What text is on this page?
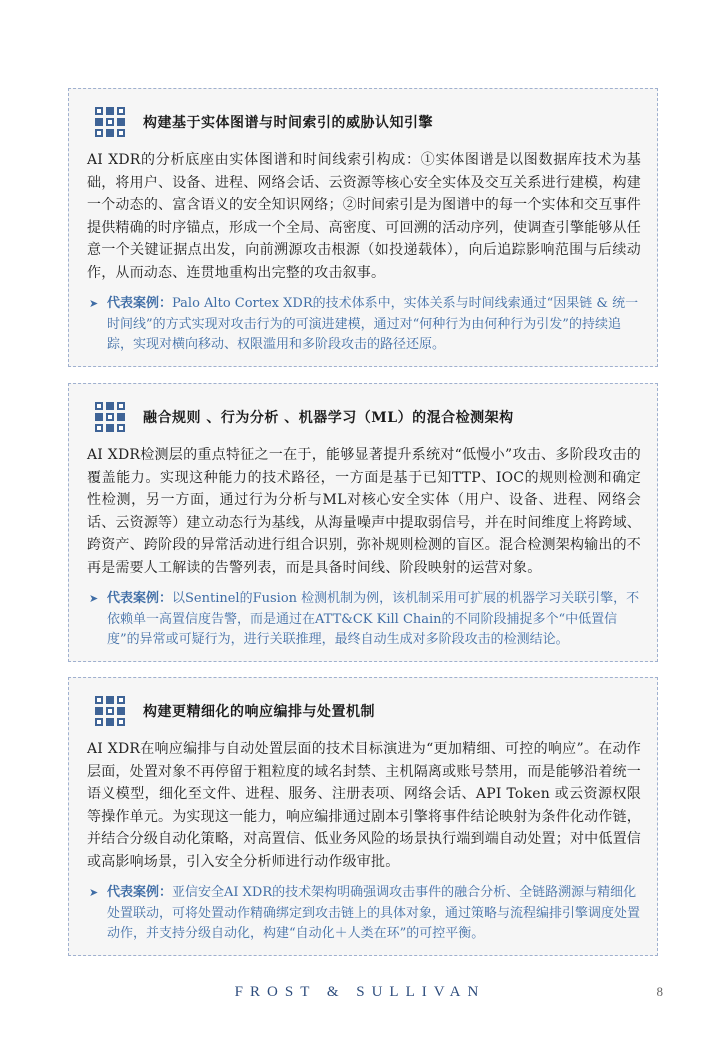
构建基于实体图谱与时间索引的威胁认知引擎
AI XDR的分析底座由实体图谱和时间线索引构成：①实体图谱是以图数据库技术为基础，将用户、设备、进程、网络会话、云资源等核心安全实体及交互关系进行建模，构建一个动态的、富含语义的安全知识网络；②时间索引是为图谱中的每一个实体和交互事件提供精确的时序锚点，形成一个全局、高密度、可回溯的活动序列，使调查引擎能够从任意一个关键证据点出发，向前溯源攻击根源（如投递载体），向后追踪影响范围与后续动作，从而动态、连贯地重构出完整的攻击叙事。
➤ 代表案例：Palo Alto Cortex XDR的技术体系中，实体关系与时间线索通过“因果链 & 统一时间线”的方式实现对攻击行为的可演进建模，通过对“何种行为由何种行为引发”的持续追踪，实现对横向移动、权限滥用和多阶段攻击的路径还原。
融合规则 、行为分析 、机器学习（ML）的混合检测架构
AI XDR检测层的重点特征之一在于，能够显著提升系统对“低慢小”攻击、多阶段攻击的覆盖能力。实现这种能力的技术路径，一方面是基于已知TTP、IOC的规则检测和确定性检测，另一方面，通过行为分析与ML对核心安全实体（用户、设备、进程、网络会话、云资源等）建立动态行为基线，从海量噪声中提取弱信号，并在时间维度上将跨域、跨资产、跨阶段的异常活动进行组合识别，弥补规则检测的盲区。混合检测架构输出的不再是需要人工解读的告警列表，而是具备时间线、阶段映射的运营对象。
➤ 代表案例：以Sentinel的Fusion 检测机制为例，该机制采用可扩展的机器学习关联引擎，不依赖单一高置信度告警，而是通过在ATT&CK Kill Chain的不同阶段捕捉多个“中低置信度”的异常或可疑行为，进行关联推理，最终自动生成对多阶段攻击的检测结论。
构建更精细化的响应编排与处置机制
AI XDR在响应编排与自动处置层面的技术目标演进为“更加精细、可控的响应”。在动作层面，处置对象不再停留于粗粒度的域名封禁、主机隔离或账号禁用，而是能够沿着统一语义模型，细化至文件、进程、服务、注册表项、网络会话、API Token 或云资源权限等操作单元。为实现这一能力，响应编排通过剧本引擎将事件结论映射为条件化动作链，并结合分级自动化策略，对高置信、低业务风险的场景执行端到端自动处置；对中低置信或高影响场景，引入安全分析师进行动作级审批。
➤ 代表案例：亚信安全AI XDR的技术架构明确强调攻击事件的融合分析、全链路溯源与精细化处置联动，可将处置动作精确绑定到攻击链上的具体对象，通过策略与流程编排引擎调度处置动作，并支持分级自动化，构建“自动化＋人类在环”的可控平衡。
FROST & SULLIVAN	8
